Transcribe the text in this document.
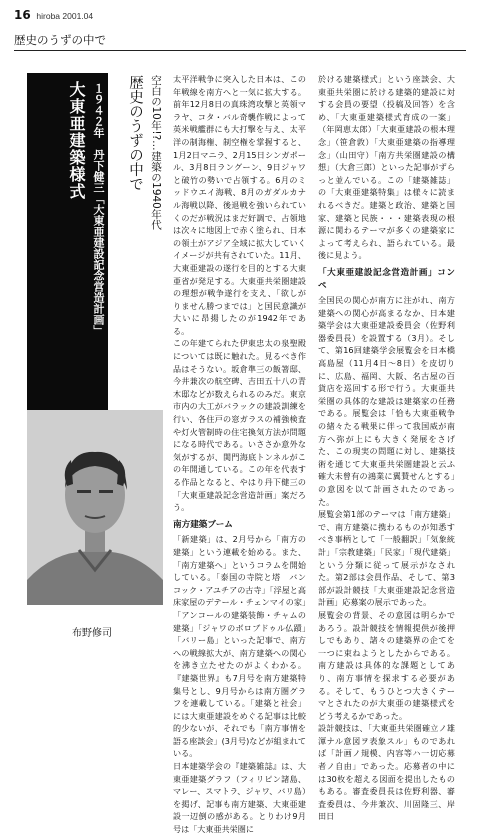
16 hiroba 2001.04
歴史のうずの中で
大東亜建築様式 １９４２年　丹下健三「大東亜建設記念営造計画」 歴史のうずの中で 空白の10年!?…建築の1940年代
布野修司

太平洋戦争に突入した日本は、この年戦線を南方へと一気に拡大する。前年12月8日の真珠湾攻撃と英領マラヤ、コタ・バル奇襲作戦によって英米戦艦群にも大打撃を与え、太平洋の制海権、制空権を掌握すると、1月2日マニラ、2月15日シンガポール、3月8日ラングーン、9日ジャワと破竹の勢いで占領する。6月のミッドウエイ海戦、8月のガダルカナル海戦以降、後退戦を強いられていくのだが戦況はまだ好調で、占領地は次々に地図上で赤く塗られ、日本の領土がアジア全域に拡大していくイメージが共有されていた。11月、大東亜建設の遂行を目的とする大東亜省が発足する。大東亜共栄圏建設の理想が戦争遂行を支え、「欲しがりません勝つまでは」と国民意識が大いに昂揚したのが1942年である。

この年建てられた伊東忠太の泉聖殿については既に触れた。見るべき作品はそうない。坂倉準三の飯箸邸、今井兼次の航空碑、吉田五十八の青木邸などが数えられるのみだ。東京市内の大工がバラックの建設訓練を行い、各住戸の窓ガラスの補強検査や灯火管制時の住宅換気方法が問題になる時代である。いささか意外な気がするが、関門海底トンネルがこの年開通している。この年を代表する作品となると、やはり丹下健三の「大東亜建設記念営造計画」案だろう。

南方建築ブーム

「新建築」は、2月号から「南方の建築」という連載を始める。また、「南方建築へ」というコラムを開始している。「泰国の寺院と塔　バンコック・アユチアの古寺」「浮屋と高床家屋のデテール・チェンマイの家」「アンコールの建築装飾・チャムの建築」「ジャワのボロブドゥル仏蹟」「バリー島」といった記事で、南方への戦線拡大が、南方建築への関心を沸き立たせたのがよくわかる。『建築世界』も7月号を南方建築特集号とし、9月号からは南方圏グラフを連載している。「建築と社会」には大東亜建設をめぐる記事は比較的少ないが、それでも「南方事情を語る座談会」(3月号)などが組まれている。

日本建築学会の『建築雑誌』は、大東亜建築グラフ（フィリピン諸島、マレー、スマトラ、ジャワ、バリ島）を掲げ、記事も南方建築、大東亜建設一辺倒の感がある。とりわけ9月号は「大東亜共栄圏に

於ける建築様式」という座談会、大東亜共栄圏に於ける建築的建設に対する会員の要望（投稿及回答）を含め、「大東亜建築様式育成の一案」（年岡恵太郎）「大東亜建設の根本理念」（笹倉敦）「大東亜建築の指導理念」（山田守）「南方共栄圏建設の構想」（大倉三郎）といった記事がずらっと並んでいる。この「建築雑誌」の「大東亜建築特集」は様々に読まれるべきだ。建築と政治、建築と国家、建築と民族・・・建築表現の根源に関わるテーマが多くの建築家によって考えられ、語られている。最後に見よう。

「大東亜建設記念営造計画」コンペ

全国民の関心が南方に注がれ、南方建築への関心が高まるなか、日本建築学会は大東亜建設委員会（佐野利器委員長）を設置する（3月）。そして、第16回建築学会展覧会を日本橋高島屋（11月4日〜8日）を皮切りに、広島、福岡、大阪、名古屋の百貨店を巡回する形で行う。大東亜共栄圏の具体的な建設は建築家の任務である。展覧会は「恰も大東亜戦争の緒々たる戦果に伴って我国威が南方へ弥が上にも大きく発展をさげた、この現実の問題に対し、建築技術を通じて大東亜共栄圏建設と云ふ確大未曾有の鴻業に翼賛せんとする」の意図を以て計画されたのであった。

展覧会第1部のテーマは「南方建築」で、南方建築に携わるものが知悉すべき事柄として「一般翻訳」「気象統計」「宗教建築」「民家」「現代建築」という分類に従って展示がなされた。第2部は会員作品、そして、第3部が設計競技「大東亜建設記念営造計画」応募案の展示であった。

展覧会の背景、その意図は明らかであろう。設計競技を情報提供が後押しでもあり、諸々の建築界の企てを一つに束ねようとしたからである。南方建設は具体的な課題としてあり、南方事情を探求する必要がある。そして、もうひとつ大きくテーマとされたのが大東亜の建築様式をどう考えるかであった。

設計競技は、「大東亜共栄圏確立ノ雄渾ナル意図ヲ表象スル」ものであれば「計画ノ規模、内容等ハ一切応募者ノ自由」であった。応募者の中には30枚を超える図面を提出したものもある。審査委員長は佐野利器、審査委員は、今井兼次、川固隆三、岸田日
